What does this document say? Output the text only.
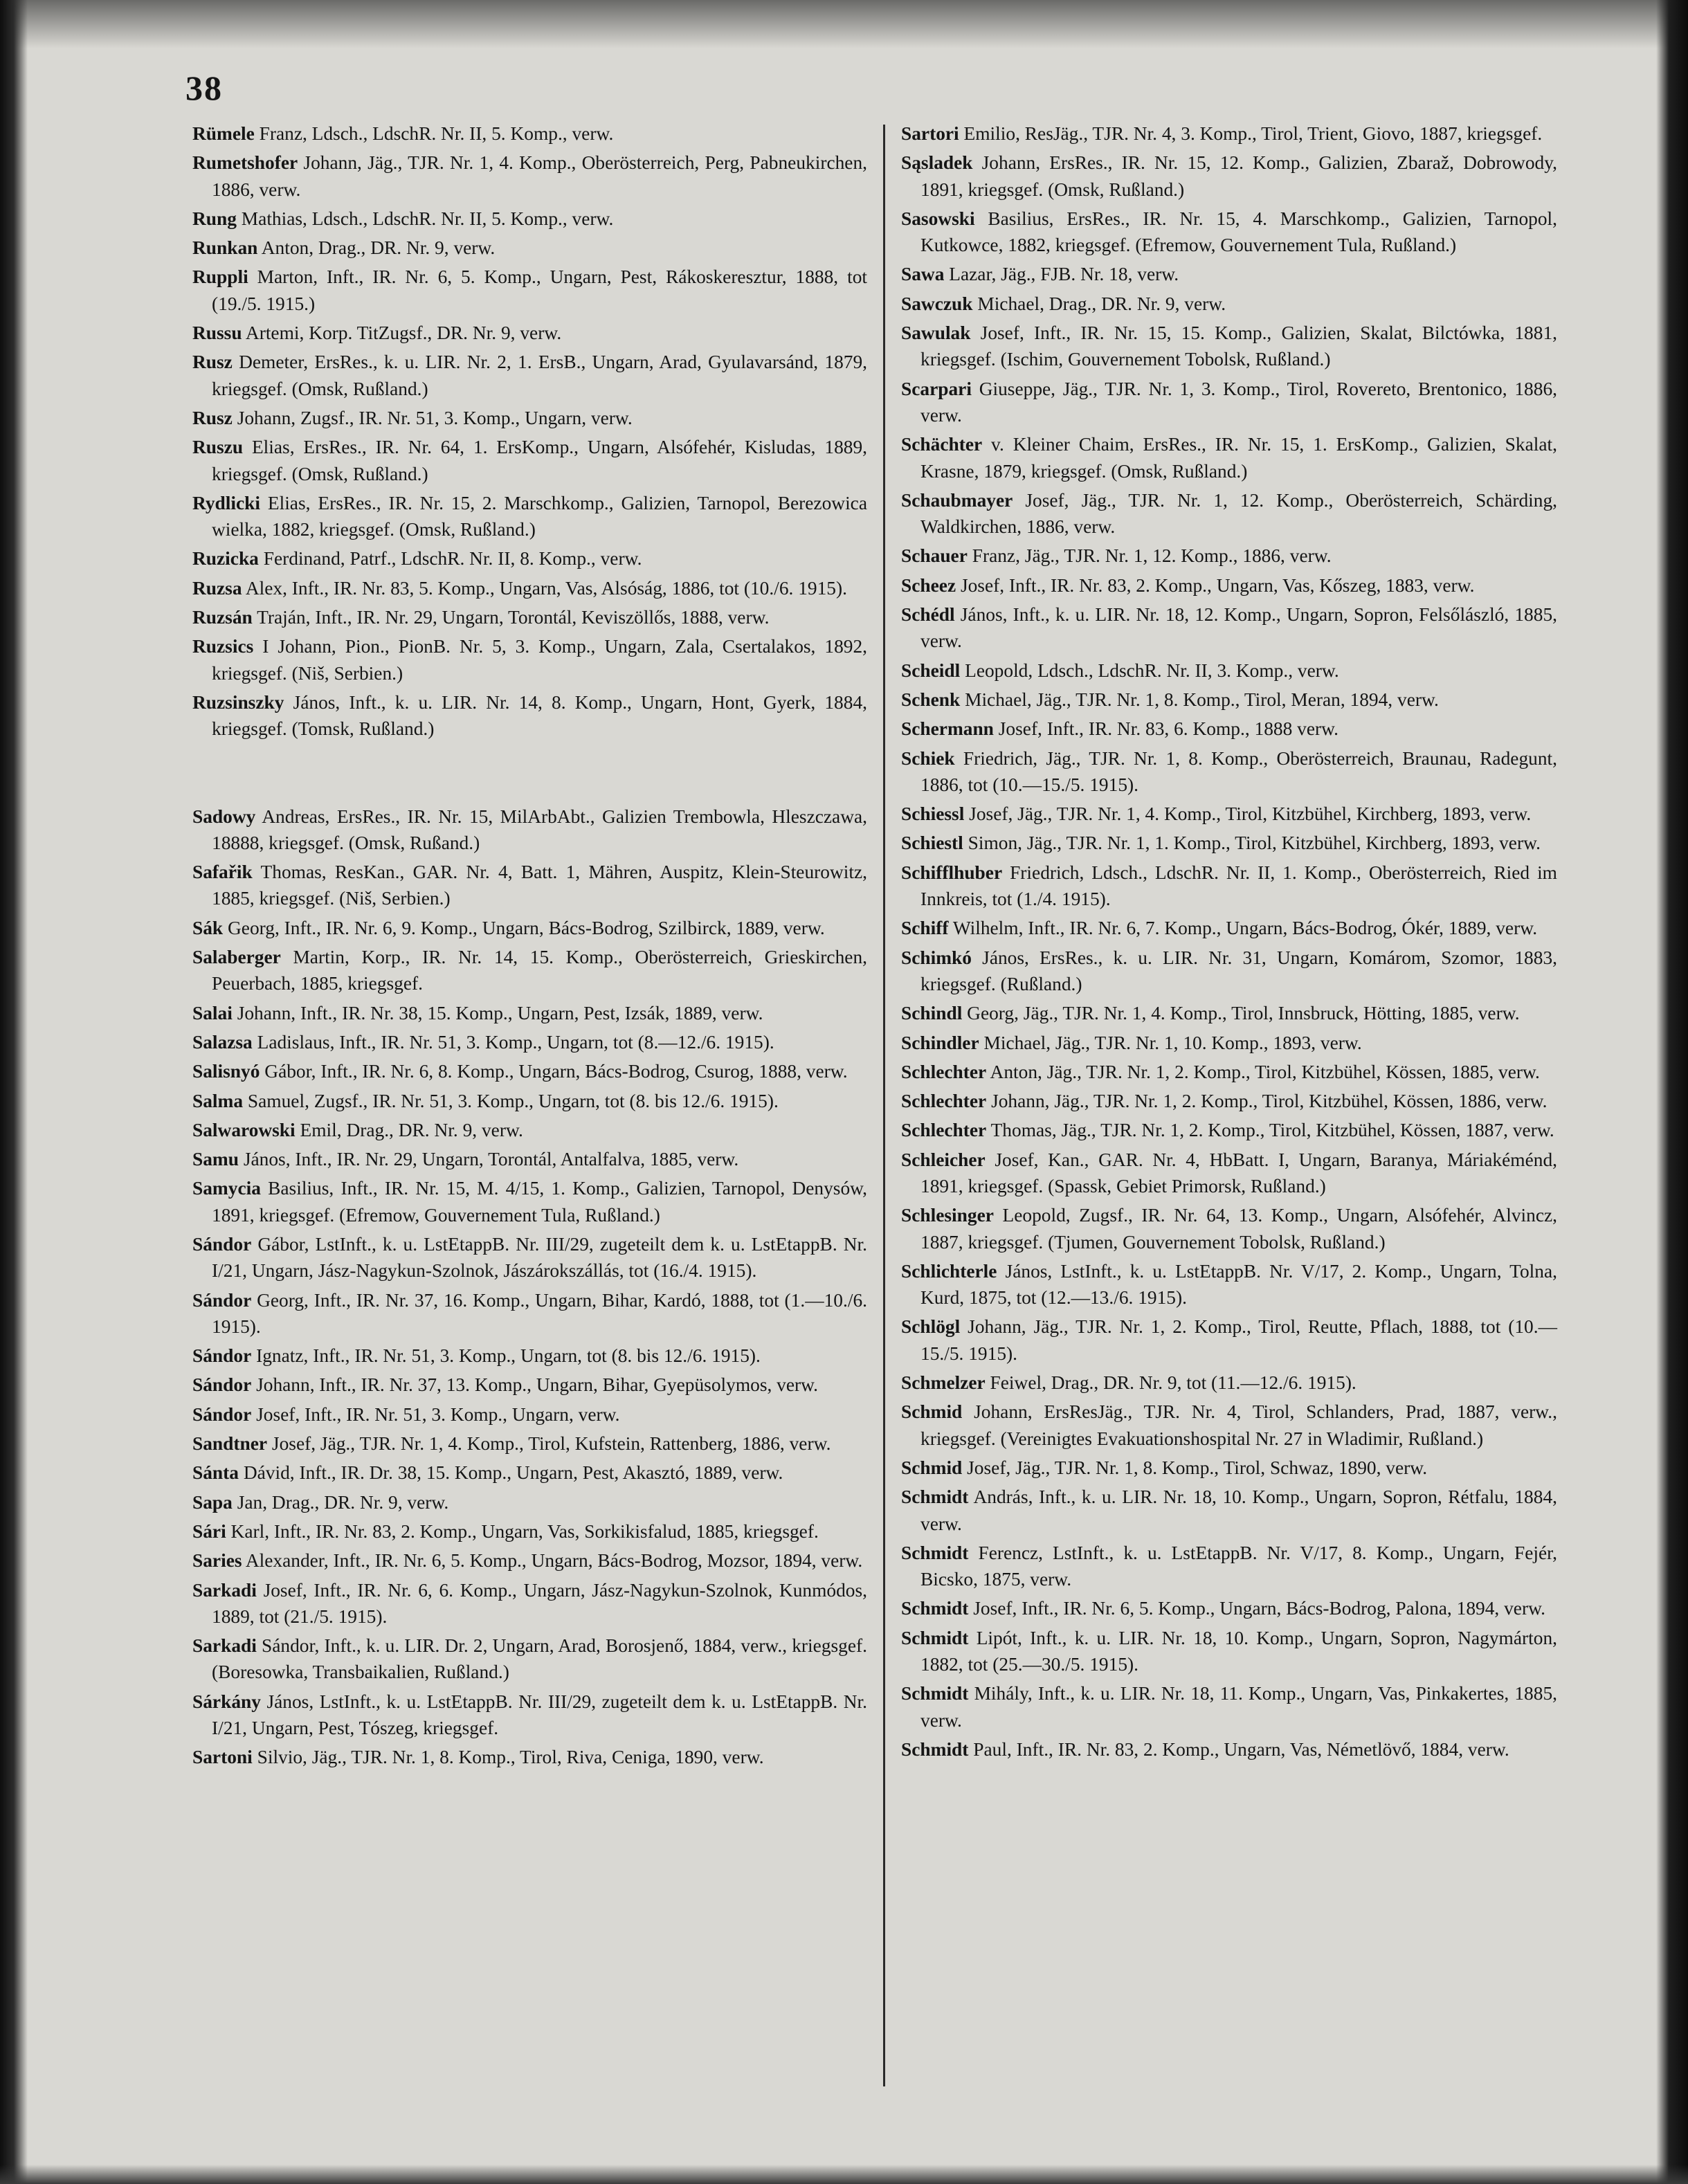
38
Rümele Franz, Ldsch., LdschR. Nr. II, 5. Komp., verw.
Rumetshofer Johann, Jäg., TJR. Nr. 1, 4. Komp., Oberösterreich, Perg, Pabneukirchen, 1886, verw.
Rung Mathias, Ldsch., LdschR. Nr. II, 5. Komp., verw.
Runkan Anton, Drag., DR. Nr. 9, verw.
Ruppli Marton, Inft., IR. Nr. 6, 5. Komp., Ungarn, Pest, Rákoskeresztur, 1888, tot (19./5. 1915.)
Russu Artemi, Korp. TitZugsf., DR. Nr. 9, verw.
Rusz Demeter, ErsRes., k. u. LIR. Nr. 2, 1. ErsB., Ungarn, Arad, Gyulavarsánd, 1879, kriegsgef. (Omsk, Rußland.)
Rusz Johann, Zugsf., IR. Nr. 51, 3. Komp., Ungarn, verw.
Ruszu Elias, ErsRes., IR. Nr. 64, 1. ErsKomp., Ungarn, Alsófehér, Kisludas, 1889, kriegsgef. (Omsk, Rußland.)
Rydlicki Elias, ErsRes., IR. Nr. 15, 2. Marschkomp., Galizien, Tarnopol, Berezowica wielka, 1882, kriegsgef. (Omsk, Rußland.)
Ruzicka Ferdinand, Patrf., LdschR. Nr. II, 8. Komp., verw.
Ruzsa Alex, Inft., IR. Nr. 83, 5. Komp., Ungarn, Vas, Alsóság, 1886, tot (10./6. 1915).
Ruzsán Traján, Inft., IR. Nr. 29, Ungarn, Torontál, Keviszöllős, 1888, verw.
Ruzsics I Johann, Pion., PionB. Nr. 5, 3. Komp., Ungarn, Zala, Csertalakos, 1892, kriegsgef. (Niš, Serbien.)
Ruzsinszky János, Inft., k. u. LIR. Nr. 14, 8. Komp., Ungarn, Hont, Gyerk, 1884, kriegsgef. (Tomsk, Rußland.)
Sadowy Andreas, ErsRes., IR. Nr. 15, MilArbAbt., Galizien Trembowla, Hleszczawa, 18888, kriegsgef. (Omsk, Rußand.)
Safařik Thomas, ResKan., GAR. Nr. 4, Batt. 1, Mähren, Auspitz, Klein-Steurowitz, 1885, kriegsgef. (Niš, Serbien.)
Sák Georg, Inft., IR. Nr. 6, 9. Komp., Ungarn, Bács-Bodrog, Szilbirck, 1889, verw.
Salaberger Martin, Korp., IR. Nr. 14, 15. Komp., Oberösterreich, Grieskirchen, Peuerbach, 1885, kriegsgef.
Salai Johann, Inft., IR. Nr. 38, 15. Komp., Ungarn, Pest, Izsák, 1889, verw.
Salazsa Ladislaus, Inft., IR. Nr. 51, 3. Komp., Ungarn, tot (8.—12./6. 1915).
Salisnyó Gábor, Inft., IR. Nr. 6, 8. Komp., Ungarn, Bács-Bodrog, Csurog, 1888, verw.
Salma Samuel, Zugsf., IR. Nr. 51, 3. Komp., Ungarn, tot (8. bis 12./6. 1915).
Salwarowski Emil, Drag., DR. Nr. 9, verw.
Samu János, Inft., IR. Nr. 29, Ungarn, Torontál, Antalfalva, 1885, verw.
Samycia Basilius, Inft., IR. Nr. 15, M. 4/15, 1. Komp., Galizien, Tarnopol, Denysów, 1891, kriegsgef. (Efremow, Gouvernement Tula, Rußland.)
Sándor Gábor, LstInft., k. u. LstEtappB. Nr. III/29, zugeteilt dem k. u. LstEtappB. Nr. I/21, Ungarn, Jász-Nagykun-Szolnok, Jászárokszállás, tot (16./4. 1915).
Sándor Georg, Inft., IR. Nr. 37, 16. Komp., Ungarn, Bihar, Kardó, 1888, tot (1.—10./6. 1915).
Sándor Ignatz, Inft., IR. Nr. 51, 3. Komp., Ungarn, tot (8. bis 12./6. 1915).
Sándor Johann, Inft., IR. Nr. 37, 13. Komp., Ungarn, Bihar, Gyepüsolymos, verw.
Sándor Josef, Inft., IR. Nr. 51, 3. Komp., Ungarn, verw.
Sandtner Josef, Jäg., TJR. Nr. 1, 4. Komp., Tirol, Kufstein, Rattenberg, 1886, verw.
Sánta Dávid, Inft., IR. Dr. 38, 15. Komp., Ungarn, Pest, Akasztó, 1889, verw.
Sapa Jan, Drag., DR. Nr. 9, verw.
Sári Karl, Inft., IR. Nr. 83, 2. Komp., Ungarn, Vas, Sorkikisfalud, 1885, kriegsgef.
Saries Alexander, Inft., IR. Nr. 6, 5. Komp., Ungarn, Bács-Bodrog, Mozsor, 1894, verw.
Sarkadi Josef, Inft., IR. Nr. 6, 6. Komp., Ungarn, Jász-Nagykun-Szolnok, Kunmódos, 1889, tot (21./5. 1915).
Sarkadi Sándor, Inft., k. u. LIR. Dr. 2, Ungarn, Arad, Borosjenő, 1884, verw., kriegsgef. (Boresowka, Transbaikalien, Rußland.)
Sárkány János, LstInft., k. u. LstEtappB. Nr. III/29, zugeteilt dem k. u. LstEtappB. Nr. I/21, Ungarn, Pest, Tószeg, kriegsgef.
Sartoni Silvio, Jäg., TJR. Nr. 1, 8. Komp., Tirol, Riva, Ceniga, 1890, verw.
Sartori Emilio, ResJäg., TJR. Nr. 4, 3. Komp., Tirol, Trient, Giovo, 1887, kriegsgef.
Sąsladek Johann, ErsRes., IR. Nr. 15, 12. Komp., Galizien, Zbaraž, Dobrowody, 1891, kriegsgef. (Omsk, Rußland.)
Sasowski Basilius, ErsRes., IR. Nr. 15, 4. Marschkomp., Galizien, Tarnopol, Kutkowce, 1882, kriegsgef. (Efremow, Gouvernement Tula, Rußland.)
Sawa Lazar, Jäg., FJB. Nr. 18, verw.
Sawczuk Michael, Drag., DR. Nr. 9, verw.
Sawulak Josef, Inft., IR. Nr. 15, 15. Komp., Galizien, Skalat, Bilctówka, 1881, kriegsgef. (Ischim, Gouvernement Tobolsk, Rußland.)
Scarpari Giuseppe, Jäg., TJR. Nr. 1, 3. Komp., Tirol, Rovereto, Brentonico, 1886, verw.
Schächter v. Kleiner Chaim, ErsRes., IR. Nr. 15, 1. ErsKomp., Galizien, Skalat, Krasne, 1879, kriegsgef. (Omsk, Rußland.)
Schaubmayer Josef, Jäg., TJR. Nr. 1, 12. Komp., Oberösterreich, Schärding, Waldkirchen, 1886, verw.
Schauer Franz, Jäg., TJR. Nr. 1, 12. Komp., 1886, verw.
Scheez Josef, Inft., IR. Nr. 83, 2. Komp., Ungarn, Vas, Kőszeg, 1883, verw.
Schédl János, Inft., k. u. LIR. Nr. 18, 12. Komp., Ungarn, Sopron, Felsőlászló, 1885, verw.
Scheidl Leopold, Ldsch., LdschR. Nr. II, 3. Komp., verw.
Schenk Michael, Jäg., TJR. Nr. 1, 8. Komp., Tirol, Meran, 1894, verw.
Schermann Josef, Inft., IR. Nr. 83, 6. Komp., 1888 verw.
Schiek Friedrich, Jäg., TJR. Nr. 1, 8. Komp., Oberösterreich, Braunau, Radegunt, 1886, tot (10.—15./5. 1915).
Schiessl Josef, Jäg., TJR. Nr. 1, 4. Komp., Tirol, Kitzbühel, Kirchberg, 1893, verw.
Schiestl Simon, Jäg., TJR. Nr. 1, 1. Komp., Tirol, Kitzbühel, Kirchberg, 1893, verw.
Schifflhuber Friedrich, Ldsch., LdschR. Nr. II, 1. Komp., Oberösterreich, Ried im Innkreis, tot (1./4. 1915).
Schiff Wilhelm, Inft., IR. Nr. 6, 7. Komp., Ungarn, Bács-Bodrog, Ókér, 1889, verw.
Schimkó János, ErsRes., k. u. LIR. Nr. 31, Ungarn, Komárom, Szomor, 1883, kriegsgef. (Rußland.)
Schindl Georg, Jäg., TJR. Nr. 1, 4. Komp., Tirol, Innsbruck, Hötting, 1885, verw.
Schindler Michael, Jäg., TJR. Nr. 1, 10. Komp., 1893, verw.
Schlechter Anton, Jäg., TJR. Nr. 1, 2. Komp., Tirol, Kitzbühel, Kössen, 1885, verw.
Schlechter Johann, Jäg., TJR. Nr. 1, 2. Komp., Tirol, Kitzbühel, Kössen, 1886, verw.
Schlechter Thomas, Jäg., TJR. Nr. 1, 2. Komp., Tirol, Kitzbühel, Kössen, 1887, verw.
Schleicher Josef, Kan., GAR. Nr. 4, HbBatt. I, Ungarn, Baranya, Máriakéménd, 1891, kriegsgef. (Spassk, Gebiet Primorsk, Rußland.)
Schlesinger Leopold, Zugsf., IR. Nr. 64, 13. Komp., Ungarn, Alsófehér, Alvincz, 1887, kriegsgef. (Tjumen, Gouvernement Tobolsk, Rußland.)
Schlichterle János, LstInft., k. u. LstEtappB. Nr. V/17, 2. Komp., Ungarn, Tolna, Kurd, 1875, tot (12.—13./6. 1915).
Schlögl Johann, Jäg., TJR. Nr. 1, 2. Komp., Tirol, Reutte, Pflach, 1888, tot (10.—15./5. 1915).
Schmelzer Feiwel, Drag., DR. Nr. 9, tot (11.—12./6. 1915).
Schmid Johann, ErsResJäg., TJR. Nr. 4, Tirol, Schlanders, Prad, 1887, verw., kriegsgef. (Vereinigtes Evakuationshospital Nr. 27 in Wladimir, Rußland.)
Schmid Josef, Jäg., TJR. Nr. 1, 8. Komp., Tirol, Schwaz, 1890, verw.
Schmidt András, Inft., k. u. LIR. Nr. 18, 10. Komp., Ungarn, Sopron, Rétfalu, 1884, verw.
Schmidt Ferencz, LstInft., k. u. LstEtappB. Nr. V/17, 8. Komp., Ungarn, Fejér, Bicsko, 1875, verw.
Schmidt Josef, Inft., IR. Nr. 6, 5. Komp., Ungarn, Bács-Bodrog, Palona, 1894, verw.
Schmidt Lipót, Inft., k. u. LIR. Nr. 18, 10. Komp., Ungarn, Sopron, Nagymárton, 1882, tot (25.—30./5. 1915).
Schmidt Mihály, Inft., k. u. LIR. Nr. 18, 11. Komp., Ungarn, Vas, Pinkakertes, 1885, verw.
Schmidt Paul, Inft., IR. Nr. 83, 2. Komp., Ungarn, Vas, Németlövő, 1884, verw.
